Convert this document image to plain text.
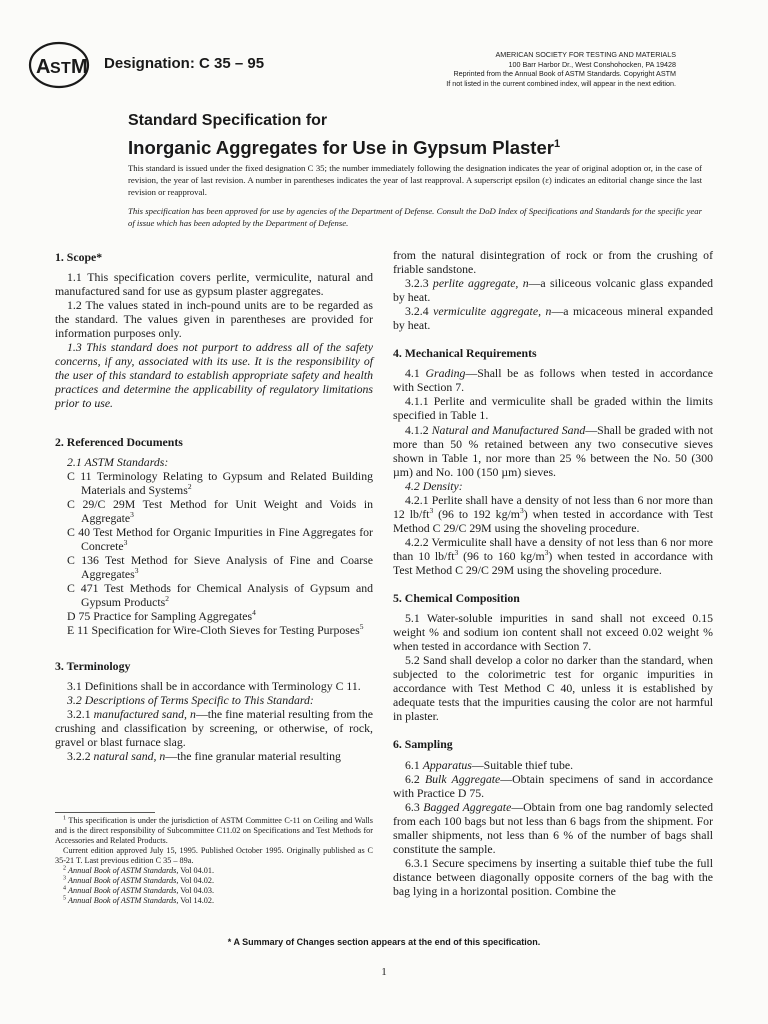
A S T M Designation: C 35 – 95
AMERICAN SOCIETY FOR TESTING AND MATERIALS
100 Barr Harbor Dr., West Conshohocken, PA 19428
Reprinted from the Annual Book of ASTM Standards. Copyright ASTM
If not listed in the current combined index, will appear in the next edition.
Standard Specification for
Inorganic Aggregates for Use in Gypsum Plaster$^1$

This standard is issued under the fixed designation C 35; the number immediately following the designation indicates the year of original adoption or, in the case of revision, the year of last revision. A number in parentheses indicates the year of last reapproval. A superscript epsilon (ε) indicates an editorial change since the last revision or reapproval.

This specification has been approved for use by agencies of the Department of Defense. Consult the DoD Index of Specifications and Standards for the specific year of issue which has been adopted by the Department of Defense.

1. Scope*

1.1 This specification covers perlite, vermiculite, natural and manufactured sand for use as gypsum plaster aggregates.

1.2 The values stated in inch-pound units are to be regarded as the standard. The values given in parentheses are provided for information purposes only.

1.3 This standard does not purport to address all of the safety concerns, if any, associated with its use. It is the responsibility of the user of this standard to establish appropriate safety and health practices and determine the applicability of regulatory limitations prior to use.

2. Referenced Documents

2.1 ASTM Standards:

C 11 Terminology Relating to Gypsum and Related Building Materials and Systems$^2$

C 29/C 29M Test Method for Unit Weight and Voids in Aggregate$^3$

C 40 Test Method for Organic Impurities in Fine Aggregates for Concrete$^3$

C 136 Test Method for Sieve Analysis of Fine and Coarse Aggregates$^3$

C 471 Test Methods for Chemical Analysis of Gypsum and Gypsum Products$^2$

D 75 Practice for Sampling Aggregates$^4$

E 11 Specification for Wire-Cloth Sieves for Testing Purposes$^5$

3. Terminology

3.1 Definitions shall be in accordance with Terminology C 11.

3.2 Descriptions of Terms Specific to This Standard:

3.2.1 manufactured sand, n—the fine material resulting from the crushing and classification by screening, or otherwise, of rock, gravel or blast furnace slag.

3.2.2 natural sand, n—the fine granular material resulting

$^1$ This specification is under the jurisdiction of ASTM Committee C-11 on Ceiling and Walls and is the direct responsibility of Subcommittee C11.02 on Specifications and Test Methods for Accessories and Related Products.

Current edition approved July 15, 1995. Published October 1995. Originally published as C 35-21 T. Last previous edition C 35 – 89a.

$^2$ Annual Book of ASTM Standards, Vol 04.01.

$^3$ Annual Book of ASTM Standards, Vol 04.02.

$^4$ Annual Book of ASTM Standards, Vol 04.03.

$^5$ Annual Book of ASTM Standards, Vol 14.02.

from the natural disintegration of rock or from the crushing of friable sandstone.

3.2.3 perlite aggregate, n—a siliceous volcanic glass expanded by heat.

3.2.4 vermiculite aggregate, n—a micaceous mineral expanded by heat.

4. Mechanical Requirements

4.1 Grading—Shall be as follows when tested in accordance with Section 7.

4.1.1 Perlite and vermiculite shall be graded within the limits specified in Table 1.

4.1.2 Natural and Manufactured Sand—Shall be graded with not more than 50 % retained between any two consecutive sieves shown in Table 1, nor more than 25 % between the No. 50 (300 µm) and No. 100 (150 µm) sieves.

4.2 Density:

4.2.1 Perlite shall have a density of not less than 6 nor more than 12 $lb/ft^3$ (96 to 192 $kg/m^3$) when tested in accordance with Test Method C 29/C 29M using the shoveling procedure.

4.2.2 Vermiculite shall have a density of not less than 6 nor more than 10 $lb/ft^3$ (96 to 160 $kg/m^3$) when tested in accordance with Test Method C 29/C 29M using the shoveling procedure.

5. Chemical Composition

5.1 Water-soluble impurities in sand shall not exceed 0.15 weight % and sodium ion content shall not exceed 0.02 weight % when tested in accordance with Section 7.

5.2 Sand shall develop a color no darker than the standard, when subjected to the colorimetric test for organic impurities in accordance with Test Method C 40, unless it is established by adequate tests that the impurities causing the color are not harmful in plaster.

6. Sampling

6.1 Apparatus—Suitable thief tube.

6.2 Bulk Aggregate—Obtain specimens of sand in accordance with Practice D 75.

6.3 Bagged Aggregate—Obtain from one bag randomly selected from each 100 bags but not less than 6 bags from the shipment. For smaller shipments, not less than 6 % of the number of bags shall constitute the sample.

6.3.1 Secure specimens by inserting a suitable thief tube the full distance between diagonally opposite corners of the bag with the bag lying in a horizontal position. Combine the

* A Summary of Changes section appears at the end of this specification.
1
